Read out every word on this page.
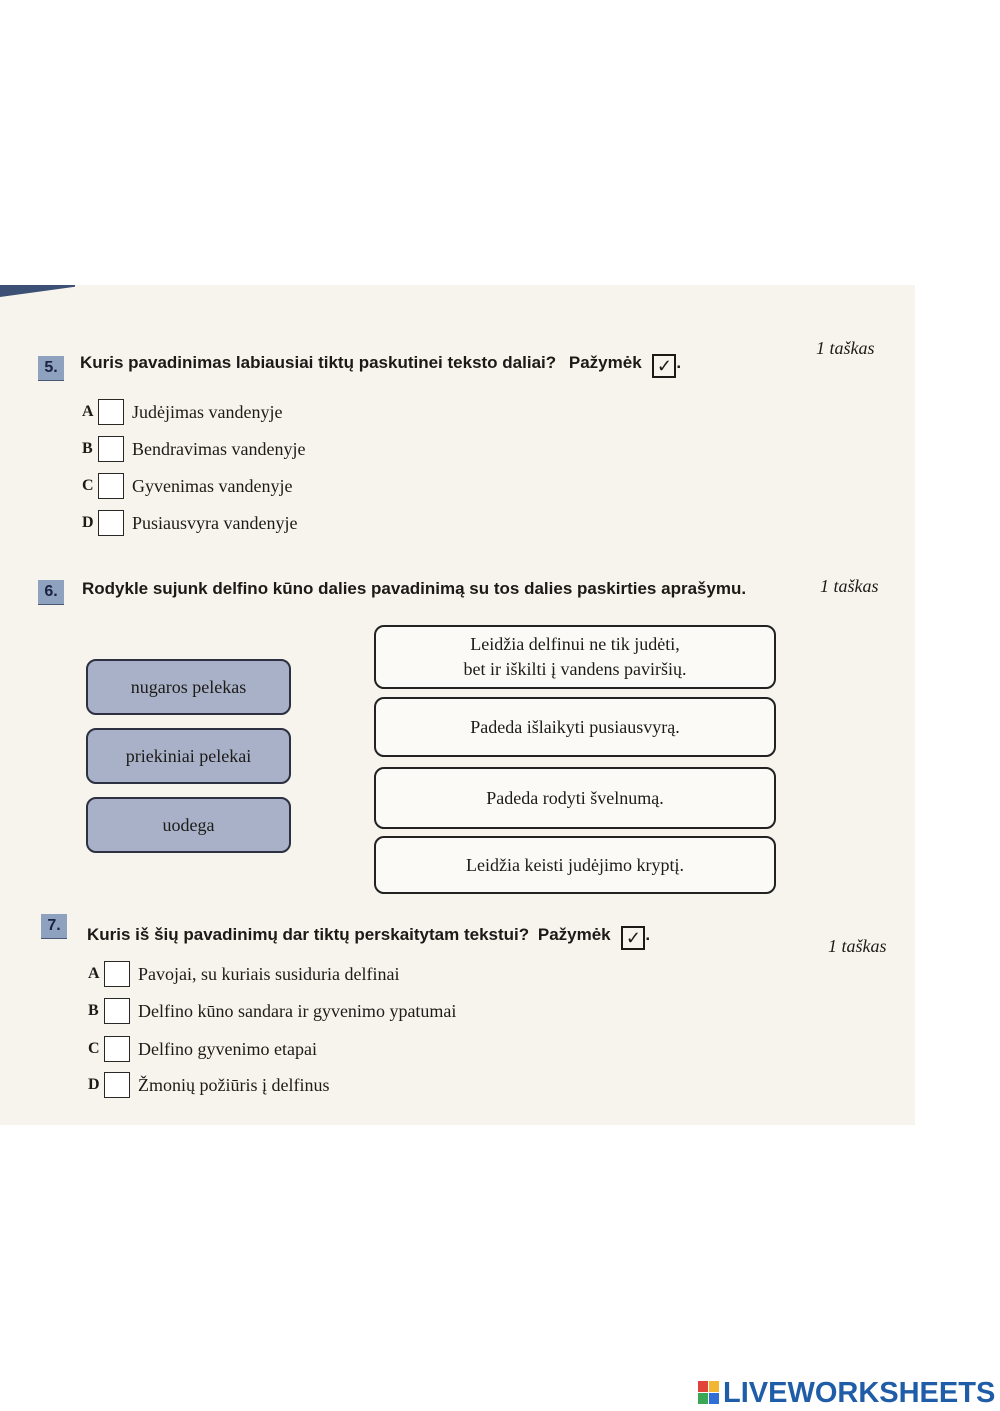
5.	Kuris pavadinimas labiausiai tiktų paskutinei teksto daliai? Pažymėk ✓ .
1 taškas
A Judėjimas vandenyje
B Bendravimas vandenyje
C Gyvenimas vandenyje
D Pusiausvyra vandenyje
6.	Rodykle sujunk delfino kūno dalies pavadinimą su tos dalies paskirties aprašymu.	1 taškas
nugaros pelekas
priekiniai pelekai
uodega
Leidžia delfinui ne tik judėti,
bet ir iškilti į vandens paviršių.
Padeda išlaikyti pusiausvyrą.
Padeda rodyti švelnumą.
Leidžia keisti judėjimo kryptį.
7.	Kuris iš šių pavadinimų dar tiktų perskaitytam tekstui? Pažymėk ✓ .
1 taškas
A Pavojai, su kuriais susiduria delfinai
B Delfino kūno sandara ir gyvenimo ypatumai
C Delfino gyvenimo etapai
D Žmonių požiūris į delfinus
LIVEWORKSHEETS
